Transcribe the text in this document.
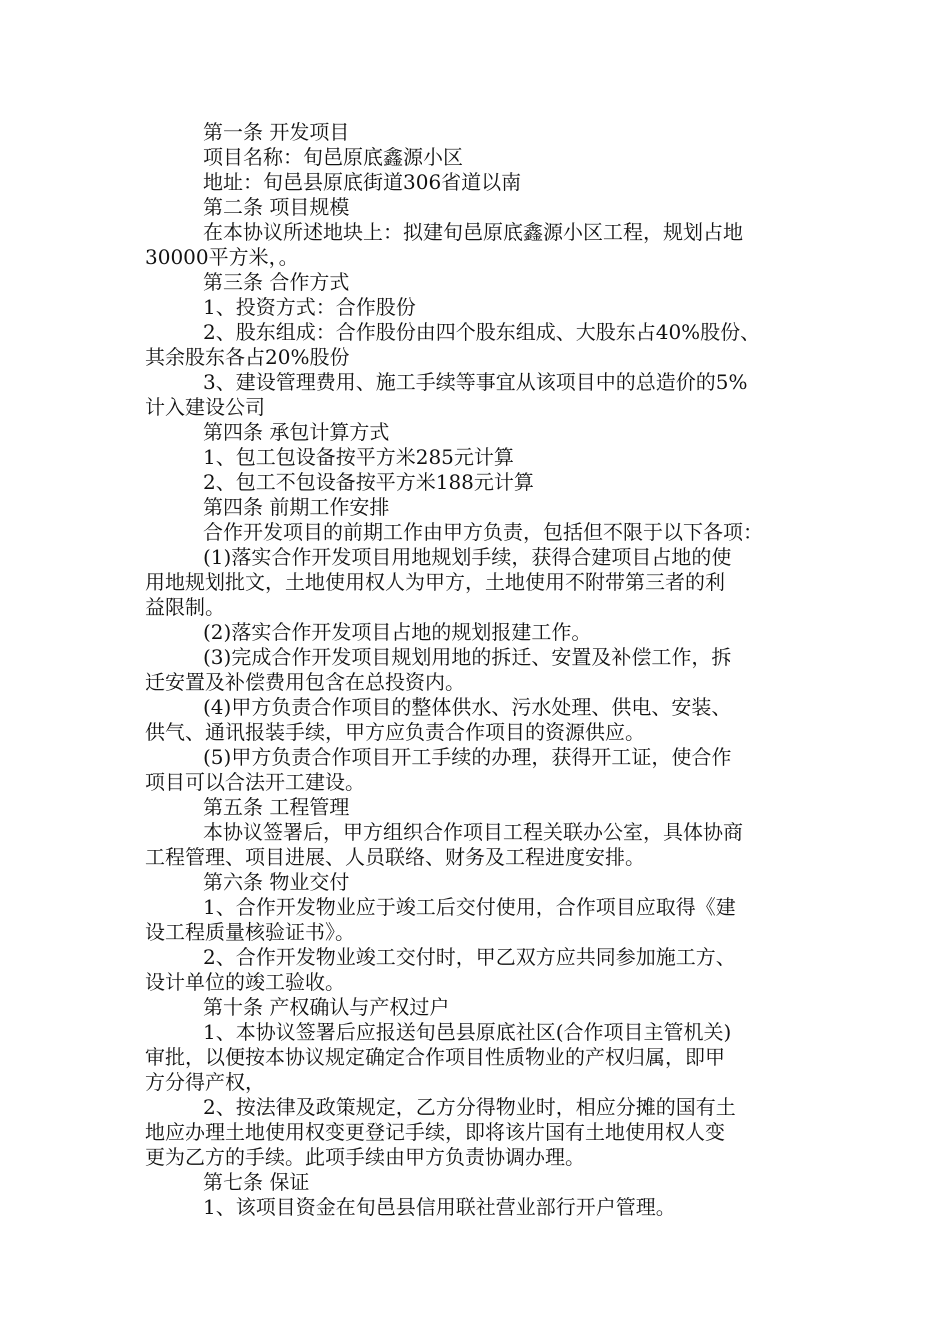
第一条 开发项目
项目名称：旬邑原底鑫源小区
地址：旬邑县原底街道306省道以南
第二条 项目规模
在本协议所述地块上：拟建旬邑原底鑫源小区工程，规划占地
30000平方米，。
第三条 合作方式
1、投资方式：合作股份
2、股东组成：合作股份由四个股东组成、大股东占40%股份、
其余股东各占20%股份
3、建设管理费用、施工手续等事宜从该项目中的总造价的5%
计入建设公司
第四条 承包计算方式
1、包工包设备按平方米285元计算
2、包工不包设备按平方米188元计算
第四条 前期工作安排
合作开发项目的前期工作由甲方负责，包括但不限于以下各项：
(1)落实合作开发项目用地规划手续，获得合建项目占地的使
用地规划批文，土地使用权人为甲方，土地使用不附带第三者的利
益限制。
(2)落实合作开发项目占地的规划报建工作。
(3)完成合作开发项目规划用地的拆迁、安置及补偿工作，拆
迁安置及补偿费用包含在总投资内。
(4)甲方负责合作项目的整体供水、污水处理、供电、安装、
供气、通讯报装手续，甲方应负责合作项目的资源供应。
(5)甲方负责合作项目开工手续的办理，获得开工证，使合作
项目可以合法开工建设。
第五条 工程管理
本协议签署后，甲方组织合作项目工程关联办公室，具体协商
工程管理、项目进展、人员联络、财务及工程进度安排。
第六条 物业交付
1、合作开发物业应于竣工后交付使用，合作项目应取得《建
设工程质量核验证书》。
2、合作开发物业竣工交付时，甲乙双方应共同参加施工方、
设计单位的竣工验收。
第十条 产权确认与产权过户
1、本协议签署后应报送旬邑县原底社区(合作项目主管机关)
审批，以便按本协议规定确定合作项目性质物业的产权归属，即甲
方分得产权，
2、按法律及政策规定，乙方分得物业时，相应分摊的国有土
地应办理土地使用权变更登记手续，即将该片国有土地使用权人变
更为乙方的手续。此项手续由甲方负责协调办理。
第七条 保证
1、该项目资金在旬邑县信用联社营业部行开户管理。
